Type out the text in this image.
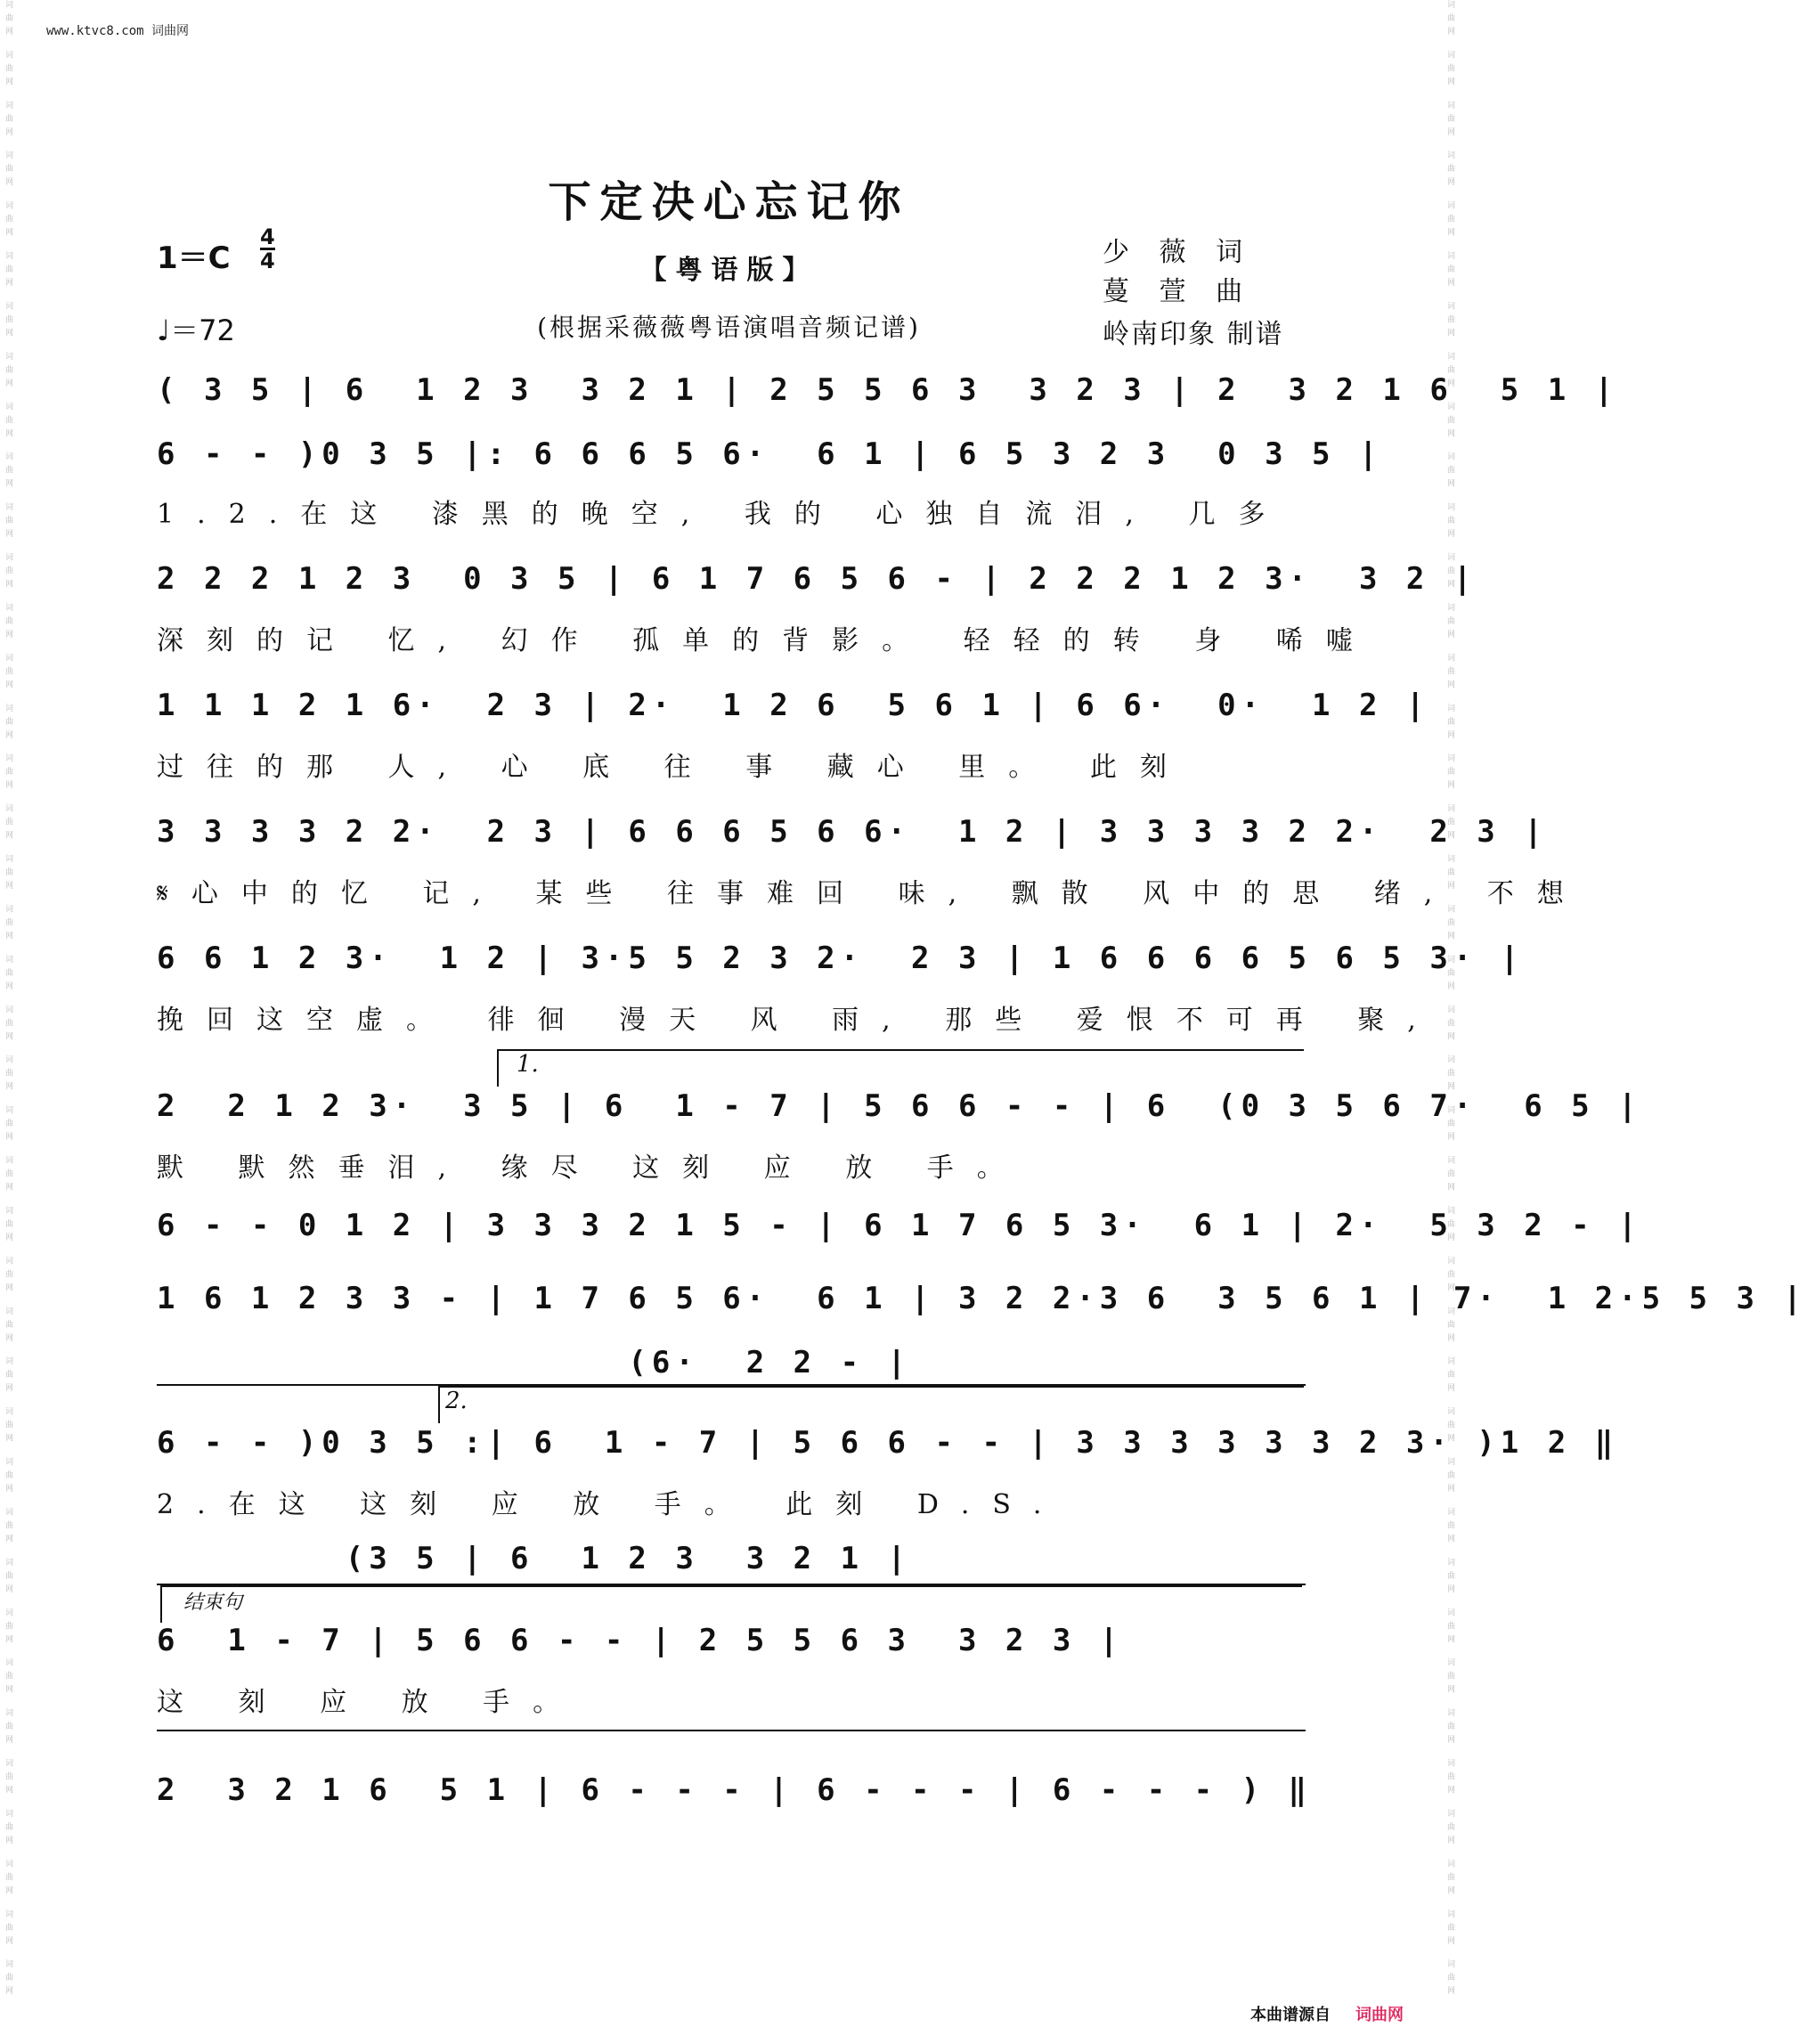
词曲网 词曲网 词曲网 词曲网 词曲网 词曲网 词曲网 词曲网 词曲网 词曲网 词曲网 词曲网 词曲网 词曲网 词曲网 词曲网 词曲网 词曲网 词曲网 词曲网 词曲网 词曲网 词曲网 词曲网 词曲网 词曲网 词曲网 词曲网 词曲网 词曲网 词曲网 词曲网 词曲网 词曲网 词曲网 词曲网 词曲网 词曲网 词曲网 词曲网	词曲网 词曲网 词曲网 词曲网 词曲网 词曲网 词曲网 词曲网 词曲网 词曲网 词曲网 词曲网 词曲网 词曲网 词曲网 词曲网 词曲网 词曲网 词曲网 词曲网 词曲网 词曲网 词曲网 词曲网 词曲网 词曲网 词曲网 词曲网 词曲网 词曲网 词曲网 词曲网 词曲网 词曲网 词曲网 词曲网 词曲网 词曲网 词曲网 词曲网
www.ktvc8.com 词曲网
下定决心忘记你
$1=C \frac{4}{4}$	【粤语版】
♩＝72	(根据采薇薇粤语演唱音频记谱)
少 薇 词
蔓 萱 曲
岭南印象 制谱
( 3 5 | 6  1 2 3  3 2 1 | 2 5 5 6 3  3 2 3 | 2  3 2 1 6  5 1 |
6 - - )0 3 5 |: 6 6 6 5 6·  6 1 | 6 5 3 2 3  0 3 5 |
1.2.在这 漆黑的晚空, 我的 心独自流泪, 几多
2 2 2 1 2 3  0 3 5 | 6 1 7 6 5 6 - | 2 2 2 1 2 3·  3 2 |
深刻的记 忆, 幻作 孤单的背影。 轻轻的转 身 唏嘘
1 1 1 2 1 6·  2 3 | 2·  1 2 6  5 6 1 | 6 6·  0·  1 2 |
过往的那 人, 心 底 往 事 藏心 里。 此刻
3 3 3 3 2 2·  2 3 | 6 6 6 5 6 6·  1 2 | 3 3 3 3 2 2·  2 3 |
𝄋心中的忆 记, 某些 往事难回 味, 飘散 风中的思 绪, 不想
6 6 1 2 3·  1 2 | 3·5 5 2 3 2·  2 3 | 1 6 6 6 6 5 6 5 3· |
挽回这空虚。 徘徊 漫天 风 雨, 那些 爱恨不可再 聚,
1.
2  2 1 2 3·  3 5 | 6  1 - 7 | 5 6 6 - - | 6  (0 3 5 6 7·  6 5 |
默 默然垂泪, 缘尽 这刻 应 放 手。
6 - - 0 1 2 | 3 3 3 2 1 5 - | 6 1 7 6 5 3·  6 1 | 2·  5 3 2 - |
1 6 1 2 3 3 - | 1 7 6 5 6·  6 1 | 3 2 2·3 6  3 5 6 1 | 7·  1 2·5 5 3 |
(6·  2 2 - |
2.
6 - - )0 3 5 :| 6  1 - 7 | 5 6 6 - - | 3 3 3 3 3 3 2 3· )1 2 ‖
2.在这 这刻 应 放 手。 此刻 D.S.
(3 5 | 6  1 2 3  3 2 1 |
结束句
6  1 - 7 | 5 6 6 - - | 2 5 5 6 3  3 2 3 |
这 刻 应 放 手。
2  3 2 1 6  5 1 | 6 - - - | 6 - - - | 6 - - - ) ‖
本曲谱源自 词曲网
